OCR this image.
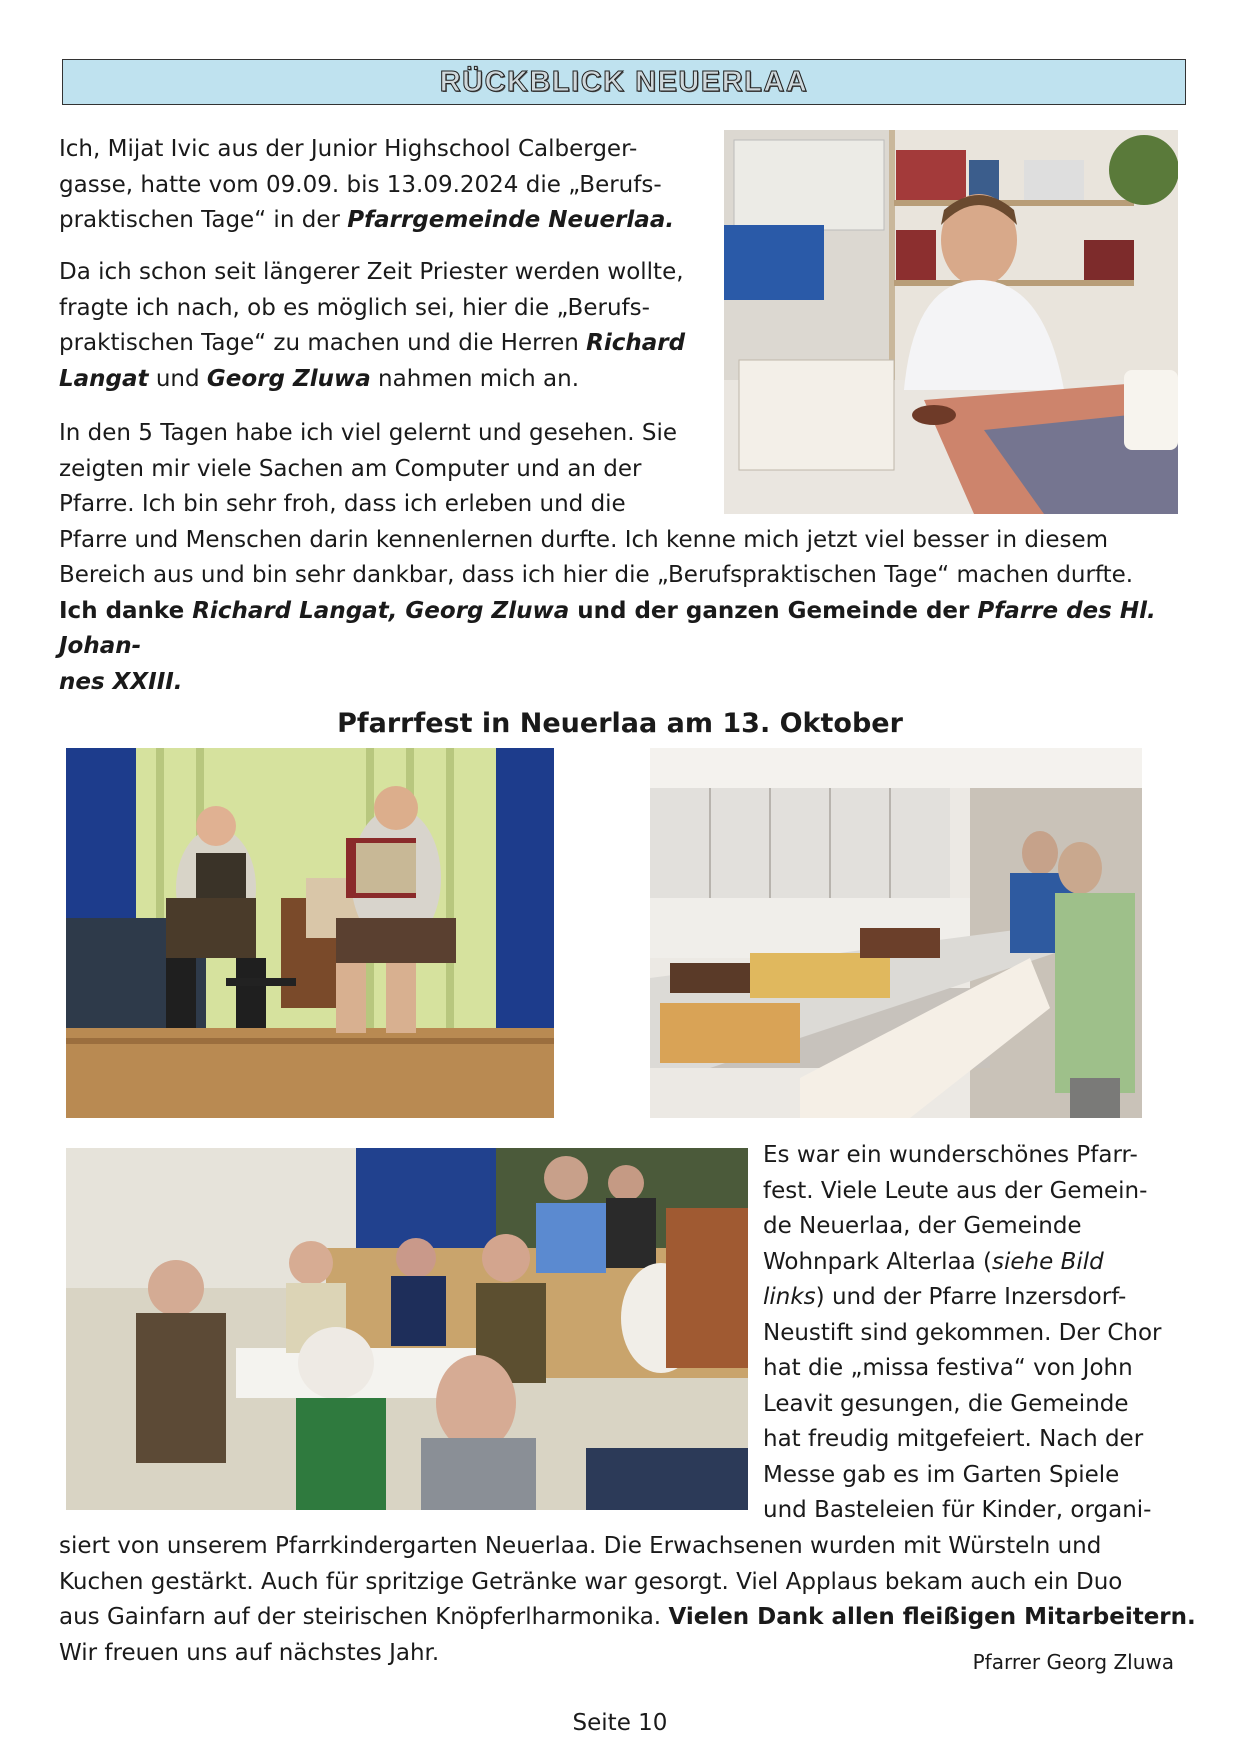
RÜCKBLICK NEUERLAA
Ich, Mijat Ivic aus der Junior Highschool Calberger-
gasse, hatte vom 09.09. bis 13.09.2024 die „Berufs-
praktischen Tage“ in der Pfarrgemeinde Neuerlaa.
Da ich schon seit längerer Zeit Priester werden wollte,
fragte ich nach, ob es möglich sei, hier die „Berufs-
praktischen Tage“ zu machen und die Herren Richard
Langat und Georg Zluwa nahmen mich an.
In den 5 Tagen habe ich viel gelernt und gesehen. Sie
zeigten mir viele Sachen am Computer und an der
Pfarre. Ich bin sehr froh, dass ich erleben und die
Pfarre und Menschen darin kennenlernen durfte. Ich kenne mich jetzt viel besser in diesem
Bereich aus und bin sehr dankbar, dass ich hier die „Berufspraktischen Tage“ machen durfte.
Ich danke Richard Langat, Georg Zluwa und der ganzen Gemeinde der Pfarre des Hl. Johan-
nes XXIII.
Pfarrfest in Neuerlaa am 13. Oktober
Es war ein wunderschönes Pfarr-
fest. Viele Leute aus der Gemein-
de Neuerlaa, der Gemeinde
Wohnpark Alterlaa (siehe Bild
links) und der Pfarre Inzersdorf-
Neustift sind gekommen. Der Chor
hat die „missa festiva“ von John
Leavit gesungen, die Gemeinde
hat freudig mitgefeiert. Nach der
Messe gab es im Garten Spiele
und Basteleien für Kinder, organi-
siert von unserem Pfarrkindergarten Neuerlaa. Die Erwachsenen wurden mit Würsteln und
Kuchen gestärkt. Auch für spritzige Getränke war gesorgt. Viel Applaus bekam auch ein Duo
aus Gainfarn auf der steirischen Knöpferlharmonika. Vielen Dank allen fleißigen Mitarbeitern.
Wir freuen uns auf nächstes Jahr.	Pfarrer Georg Zluwa
Seite 10
